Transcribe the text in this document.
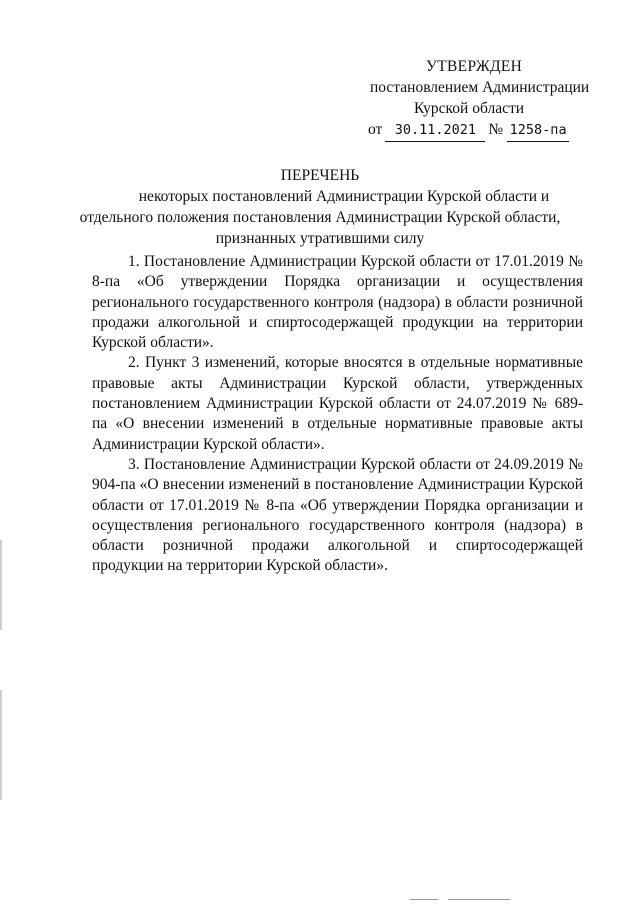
УТВЕРЖДЕН
постановлением Администрации
Курской области
от 30.11.2021 № 1258-па
ПЕРЕЧЕНЬ
некоторых постановлений Администрации Курской области и
отдельного положения постановления Администрации Курской области,
признанных утратившими силу

1. Постановление Администрации Курской области от 17.01.2019 № 8-па «Об утверждении Порядка организации и осуществления регионального государственного контроля (надзора) в области розничной продажи алкогольной и спиртосодержащей продукции на территории Курской области».

2. Пункт 3 изменений, которые вносятся в отдельные нормативные правовые акты Администрации Курской области, утвержденных постановлением Администрации Курской области от 24.07.2019 № 689-па «О внесении изменений в отдельные нормативные правовые акты Администрации Курской области».

3. Постановление Администрации Курской области от 24.09.2019 № 904-па «О внесении изменений в постановление Администрации Курской области от 17.01.2019 № 8-па «Об утверждении Порядка организации и осуществления регионального государственного контроля (надзора) в области розничной продажи алкогольной и спиртосодержащей продукции на территории Курской области».
